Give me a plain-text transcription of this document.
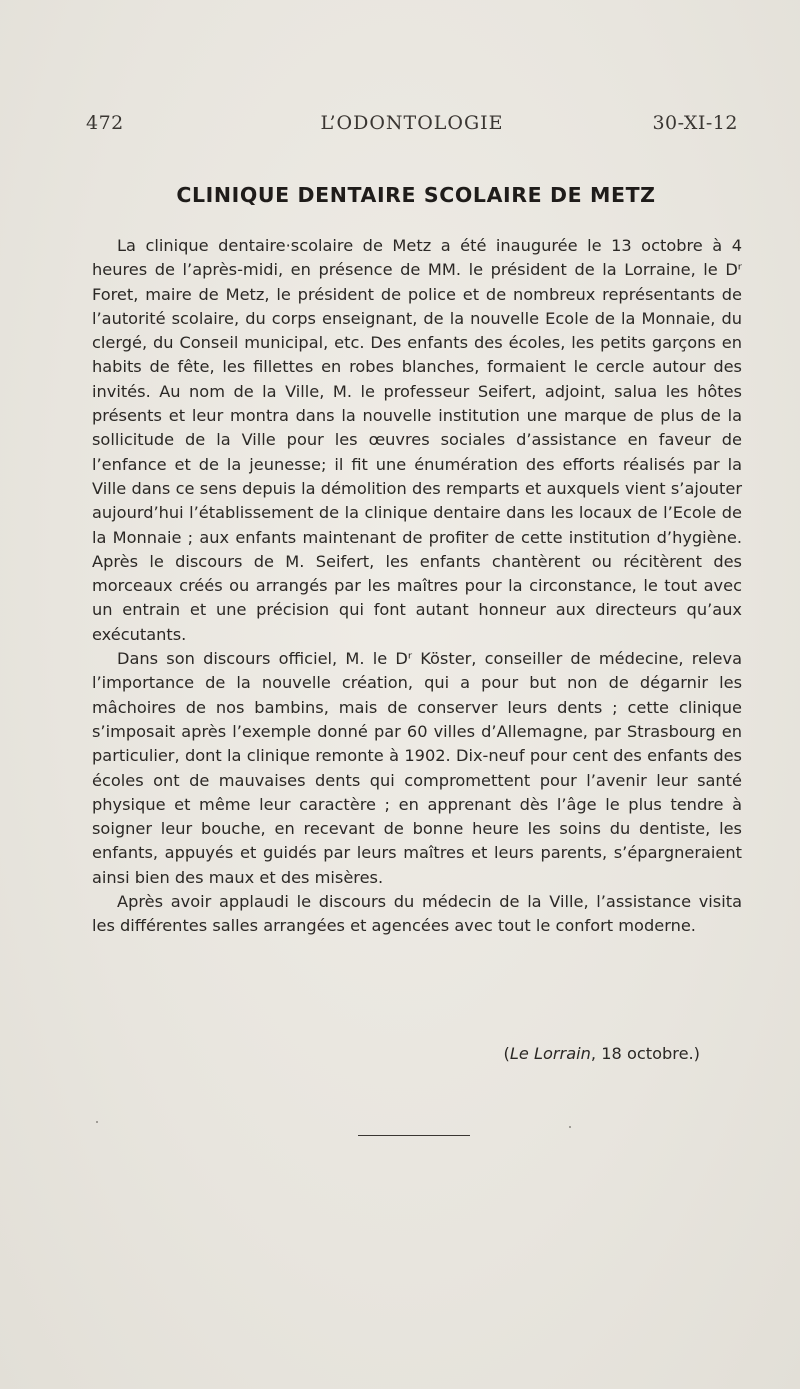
472	L’ODONTOLOGIE	30-XI-12
CLINIQUE DENTAIRE SCOLAIRE DE METZ

La clinique dentaire·scolaire de Metz a été inaugurée le 13 octobre à 4 heures de l’après-midi, en présence de MM. le président de la Lorraine, le Dʳ Foret, maire de Metz, le président de police et de nombreux représentants de l’autorité scolaire, du corps enseignant, de la nouvelle Ecole de la Monnaie, du clergé, du Conseil municipal, etc. Des enfants des écoles, les petits garçons en habits de fête, les fillettes en robes blanches, formaient le cercle autour des invités. Au nom de la Ville, M. le professeur Seifert, adjoint, salua les hôtes présents et leur montra dans la nouvelle institution une marque de plus de la sollicitude de la Ville pour les œuvres sociales d’assistance en faveur de l’enfance et de la jeunesse; il fit une énumération des efforts réalisés par la Ville dans ce sens depuis la démolition des remparts et auxquels vient s’ajouter aujourd’hui l’établissement de la clinique dentaire dans les locaux de l’Ecole de la Monnaie ; aux enfants maintenant de profiter de cette institution d’hygiène. Après le discours de M. Seifert, les enfants chantèrent ou récitèrent des morceaux créés ou arrangés par les maîtres pour la circonstance, le tout avec un entrain et une précision qui font autant honneur aux directeurs qu’aux exécutants.

Dans son discours officiel, M. le Dʳ Köster, conseiller de médecine, releva l’importance de la nouvelle création, qui a pour but non de dégarnir les mâchoires de nos bambins, mais de conserver leurs dents ; cette clinique s’imposait après l’exemple donné par 60 villes d’Allemagne, par Strasbourg en particulier, dont la clinique remonte à 1902. Dix-neuf pour cent des enfants des écoles ont de mauvaises dents qui compromettent pour l’avenir leur santé physique et même leur caractère ; en apprenant dès l’âge le plus tendre à soigner leur bouche, en recevant de bonne heure les soins du dentiste, les enfants, appuyés et guidés par leurs maîtres et leurs parents, s’épargneraient ainsi bien des maux et des misères.

Après avoir applaudi le discours du médecin de la Ville, l’assistance visita les différentes salles arrangées et agencées avec tout le confort moderne.

(Le Lorrain, 18 octobre.)
